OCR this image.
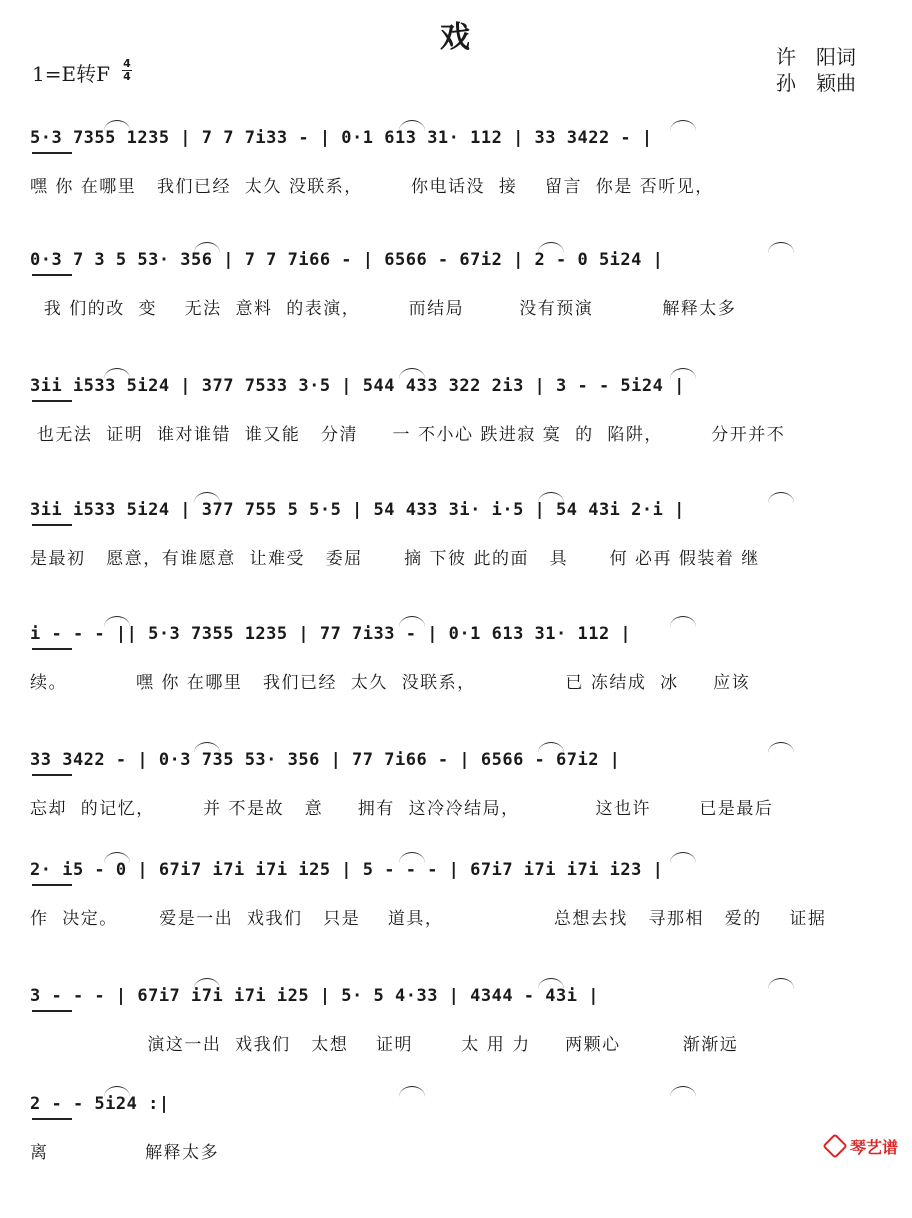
戏
1=E转F 4
4
许　阳词
孙　颖曲
5·3 7355 1235 | 7 7 7i33 - | 0·1 613 31· 112 | 33 3422 - |
嘿 你 在哪里   我们已经  太久 没联系，       你电话没  接    留言  你是 否听见，
0·3 7 3 5 53· 356 | 7 7 7i66 - | 6566 - 67i2 | 2 - 0 5i24 |
我 们的改  变    无法  意料  的表演，       而结局        没有预演          解释太多
3ii i533 5i24 | 377 7533 3·5 | 544 433 322 2i3 | 3 - - 5i24 |
也无法  证明  谁对谁错  谁又能   分清     一 不小心 跌进寂 寞  的  陷阱，       分开并不
3ii i533 5i24 | 377 755 5 5·5 | 54 433 3i· i·5 | 54 43i 2·i |
是最初   愿意，有谁愿意  让难受   委屈      摘 下彼 此的面   具      何 必再 假装着 继
i - - - || 5·3 7355 1235 | 77 7i33 - | 0·1 613 31· 112 |
续。          嘿 你 在哪里   我们已经  太久  没联系，             已 冻结成  冰     应该
33 3422 - | 0·3 735 53· 356 | 77 7i66 - | 6566 - 67i2 |
忘却  的记忆，       并 不是故   意     拥有  这冷冷结局，           这也许       已是最后
2· i5 - 0 | 67i7 i7i i7i i25 | 5 - - - | 67i7 i7i i7i i23 |
作  决定。      爱是一出  戏我们   只是    道具，                总想去找   寻那相   爱的    证据
3 - - - | 67i7 i7i i7i i25 | 5· 5 4·33 | 4344 - 43i |
演这一出  戏我们   太想    证明       太 用 力     两颗心         渐渐远
2 - - 5i24 :|
离              解释太多	琴艺谱
